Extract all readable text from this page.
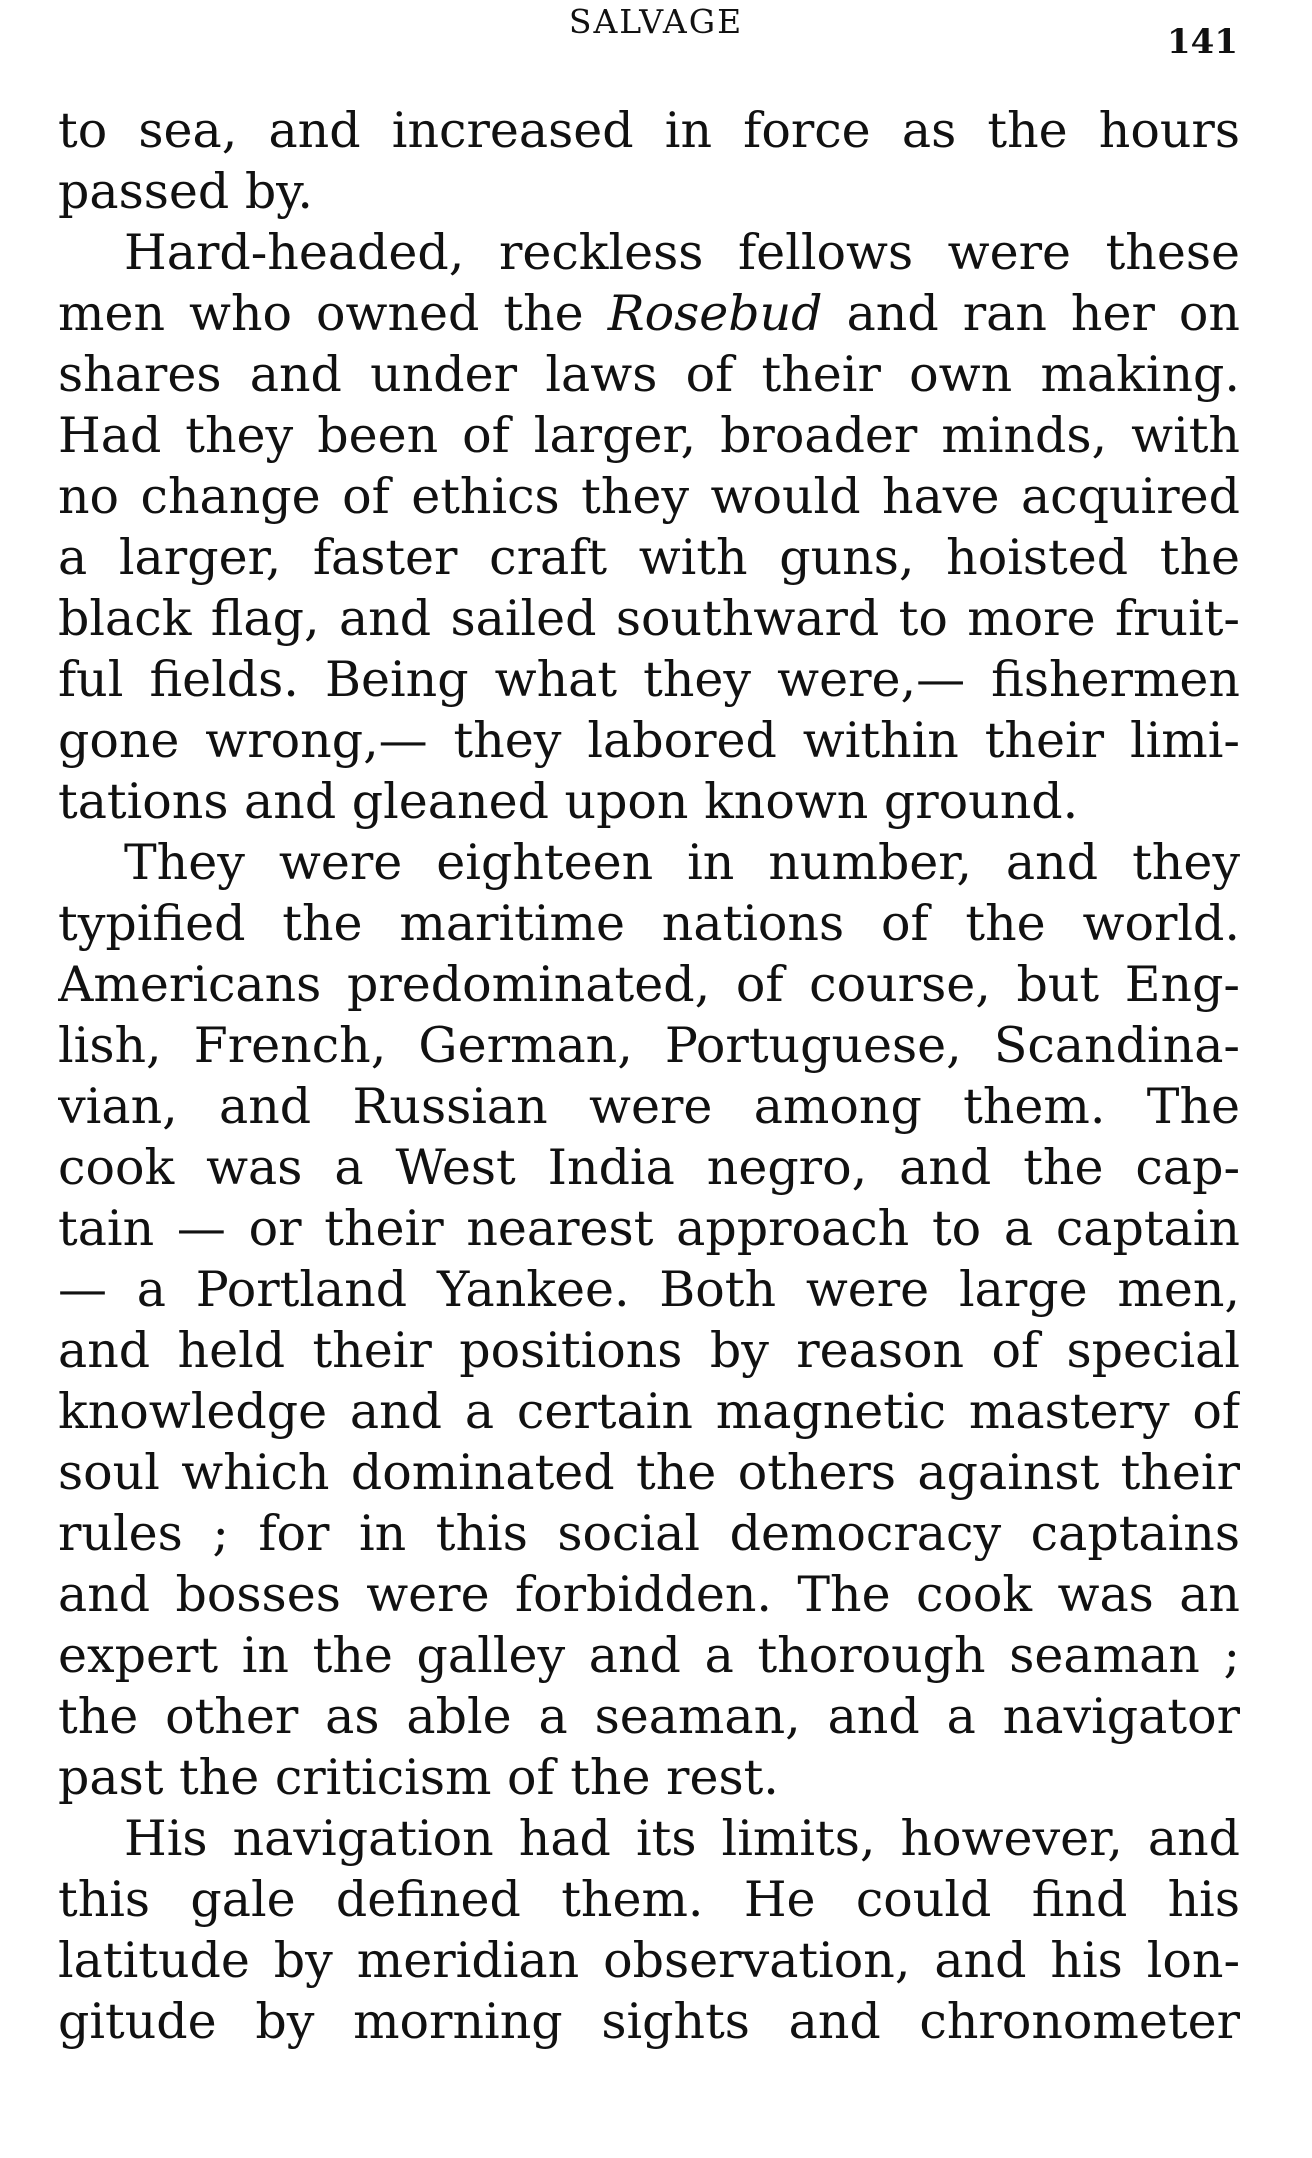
SALVAGE
141
to sea, and increased in force as the hours
passed by.
Hard-headed, reckless fellows were these
men who owned the Rosebud and ran her on
shares and under laws of their own making.
Had they been of larger, broader minds, with
no change of ethics they would have acquired
a larger, faster craft with guns, hoisted the
black flag, and sailed southward to more fruit-
ful fields. Being what they were,— fishermen
gone wrong,— they labored within their limi-
tations and gleaned upon known ground.
They were eighteen in number, and they
typified the maritime nations of the world.
Americans predominated, of course, but Eng-
lish, French, German, Portuguese, Scandina-
vian, and Russian were among them. The
cook was a West India negro, and the cap-
tain — or their nearest approach to a captain
— a Portland Yankee. Both were large men,
and held their positions by reason of special
knowledge and a certain magnetic mastery of
soul which dominated the others against their
rules ; for in this social democracy captains
and bosses were forbidden. The cook was an
expert in the galley and a thorough seaman ;
the other as able a seaman, and a navigator
past the criticism of the rest.
His navigation had its limits, however, and
this gale defined them. He could find his
latitude by meridian observation, and his lon-
gitude by morning sights and chronometer
